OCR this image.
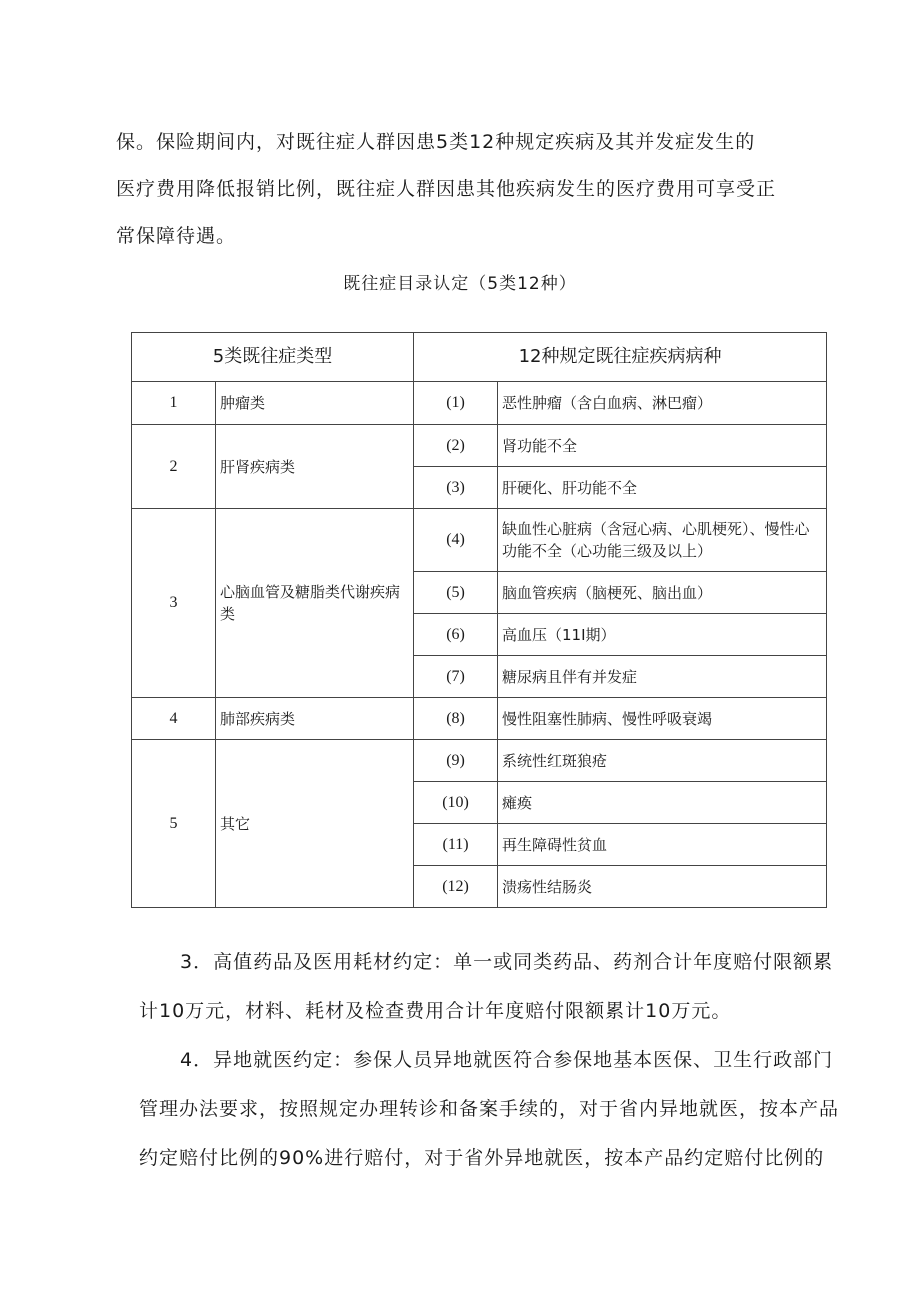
保。保险期间内，对既往症人群因患5类12种规定疾病及其并发症发生的
医疗费用降低报销比例，既往症人群因患其他疾病发生的医疗费用可享受正
常保障待遇。
既往症目录认定（5类12种）
5类既往症类型		12种规定既往症疾病病种	
1	肿瘤类	(1)	恶性肿瘤（含白血病、淋巴瘤）
2	肝肾疾病类	(2)	肾功能不全
		(3)	肝硬化、肝功能不全
3	心脑血管及糖脂类代谢疾病类	(4)	缺血性心脏病（含冠心病、心肌梗死）、慢性心功能不全（心功能三级及以上）
		(5)	脑血管疾病（脑梗死、脑出血）
		(6)	高血压（11I期）
		(7)	糖尿病且伴有并发症
4	肺部疾病类	(8)	慢性阻塞性肺病、慢性呼吸衰竭
5	其它	(9)	系统性红斑狼疮
		(10)	瘫痪
		(11)	再生障碍性贫血
		(12)	溃疡性结肠炎
3．高值药品及医用耗材约定：单一或同类药品、药剂合计年度赔付限额累
计10万元，材料、耗材及检查费用合计年度赔付限额累计10万元。
4．异地就医约定：参保人员异地就医符合参保地基本医保、卫生行政部门
管理办法要求，按照规定办理转诊和备案手续的，对于省内异地就医，按本产品
约定赔付比例的90%进行赔付，对于省外异地就医，按本产品约定赔付比例的
